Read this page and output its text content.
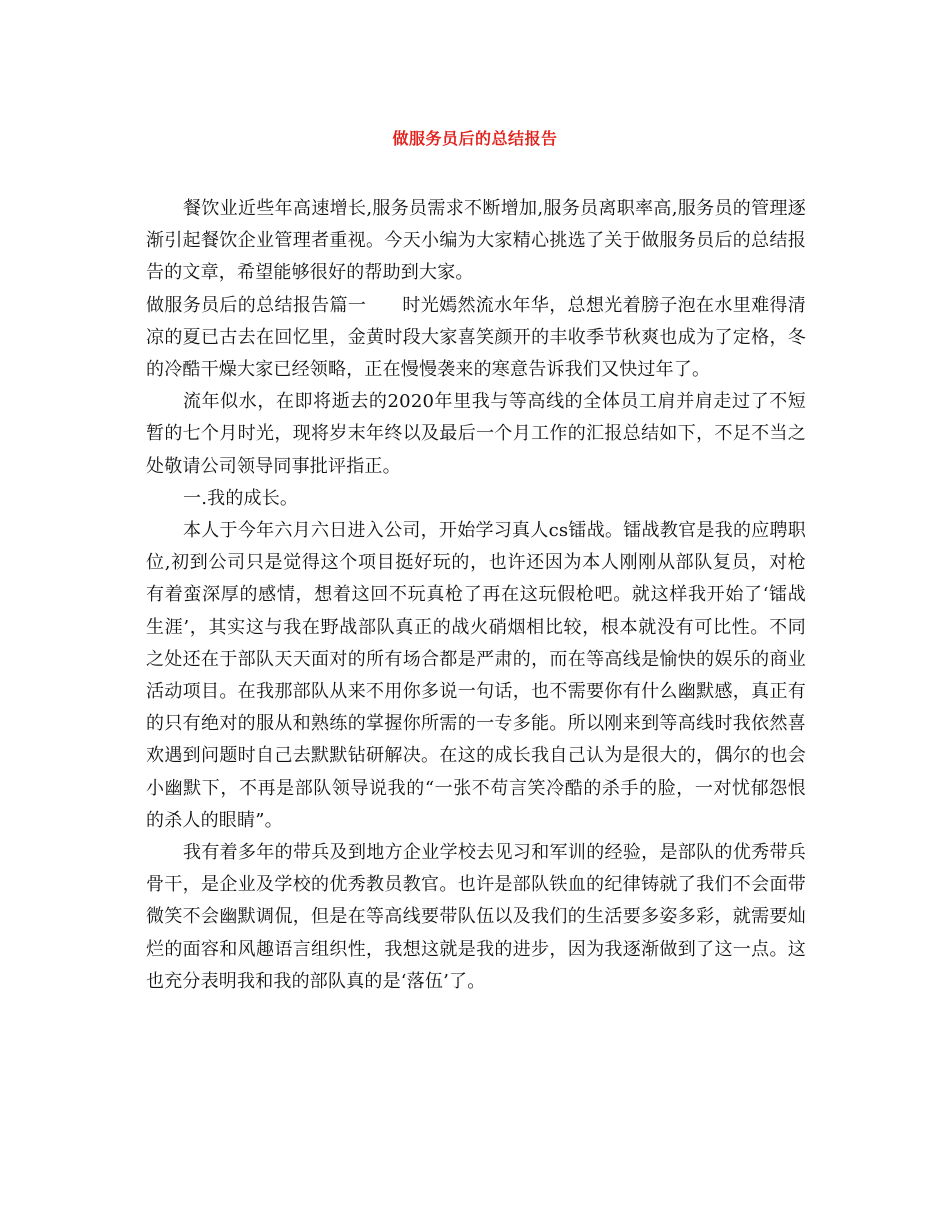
做服务员后的总结报告

餐饮业近些年高速增长,服务员需求不断增加,服务员离职率高,服务员的管理逐渐引起餐饮企业管理者重视。今天小编为大家精心挑选了关于做服务员后的总结报告的文章，希望能够很好的帮助到大家。

做服务员后的总结报告篇一 时光嫣然流水年华，总想光着膀子泡在水里难得清凉的夏已古去在回忆里，金黄时段大家喜笑颜开的丰收季节秋爽也成为了定格，冬的冷酷干燥大家已经领略，正在慢慢袭来的寒意告诉我们又快过年了。

流年似水，在即将逝去的2020年里我与等高线的全体员工肩并肩走过了不短暂的七个月时光，现将岁末年终以及最后一个月工作的汇报总结如下，不足不当之处敬请公司领导同事批评指正。

一.我的成长。

本人于今年六月六日进入公司，开始学习真人cs镭战。镭战教官是我的应聘职位,初到公司只是觉得这个项目挺好玩的，也许还因为本人刚刚从部队复员，对枪有着蛮深厚的感情，想着这回不玩真枪了再在这玩假枪吧。就这样我开始了‘镭战生涯’，其实这与我在野战部队真正的战火硝烟相比较，根本就没有可比性。不同之处还在于部队天天面对的所有场合都是严肃的，而在等高线是愉快的娱乐的商业活动项目。在我那部队从来不用你多说一句话，也不需要你有什么幽默感，真正有的只有绝对的服从和熟练的掌握你所需的一专多能。所以刚来到等高线时我依然喜欢遇到问题时自己去默默钻研解决。在这的成长我自己认为是很大的，偶尔的也会小幽默下，不再是部队领导说我的“一张不苟言笑冷酷的杀手的脸，一对忧郁怨恨的杀人的眼睛”。

我有着多年的带兵及到地方企业学校去见习和军训的经验，是部队的优秀带兵骨干，是企业及学校的优秀教员教官。也许是部队铁血的纪律铸就了我们不会面带微笑不会幽默调侃，但是在等高线要带队伍以及我们的生活要多姿多彩，就需要灿烂的面容和风趣语言组织性，我想这就是我的进步，因为我逐渐做到了这一点。这也充分表明我和我的部队真的是‘落伍’了。
